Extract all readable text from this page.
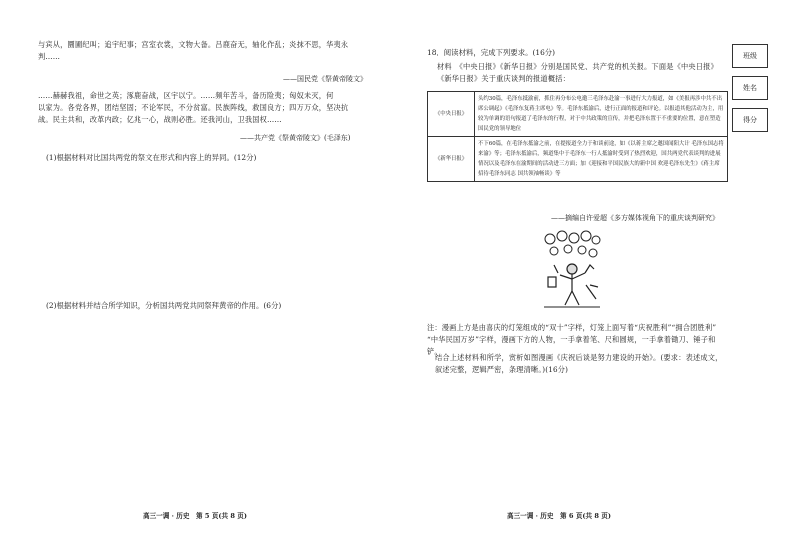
与宾从，圜圃纪叫；追宇纪事；宫室衣裳，文物大备。吕鹿奋无，轴化作乱；炎抹不思，华夷永
判……
——国民党《祭黄帝陵文》
……赫赫我祖，命世之英；涿鹿奋战，区宇以宁。……频年苦斗，备历险夷；匈奴未灭，何
以家为。各党各界，团结坚固；不论军民，不分贫富。民族阵线，救国良方；四万万众，坚决抗
战。民主共和，改革内政；亿兆一心，战则必胜。还我河山，卫我国权……
——共产党《祭黄帝陵文》(毛泽东)
(1)根据材料对比国共两党的祭文在形式和内容上的异同。(12分)
(2)根据材料并结合所学知识，分析国共两党共同祭拜黄帝的作用。(6分)
高三一调 · 历史　第 5 页(共 8 页)
18．阅读材料，完成下列要求。(16分)
材料　《中央日报》《新华日报》分别是国民党、共产党的机关报。下面是《中央日报》
《新华日报》关于重庆谈判的报道概括：
《中央日报》	头约30篇，毛泽东抵渝前，抓住再分布公电邀三毛泽东赴渝一事进行大力报道，如《美报再涉中共不出席公调起》《毛泽东复蒋主席电》等。毛泽东抵渝后，进行正面的报道和评论。以报道其他活动为主，用较为单调的语句报道了毛泽东的行程，对于中共政策的宣传，并把毛泽东置于不重要的位置，意在塑造国民党的领导地位
《新华日报》	不下60篇，在毛泽东抵渝之前，在提报道全力于和谈前途，如《以蒋主席之邀国闻阳大计 毛泽东国志将来渝》等；毛泽东抵渝后，频道集中于毛泽东一行人抵渝时受到了热烈欢迎，国共两党代表谈判的进展情况以及毛泽东在渝期间的活动进三方面；加《迎接和平国民族大的新中国 欢迎毛泽东先生》《蒋主席招待毛泽东同志 国共领袖畅谈》等
——摘编自许爱超《多方媒体视角下的重庆谈判研究》
注：漫画上方是由喜庆的灯笼组成的“双十”字样，灯笼上面写着“庆祝胜利”“拥合团胜利”
“中华民国万岁”字样，漫画下方的人物，一手拿着笔、尺和圆规，一手拿着锄刀、锤子和铲。
结合上述材料和所学，赏析如图漫画《庆祝后谈是努力建设的开始》。(要求：表述成文，
叙述完整，逻辑严密，条理清晰。)(16分)
班级
姓名
得分
高三一调 · 历史　第 6 页(共 8 页)
